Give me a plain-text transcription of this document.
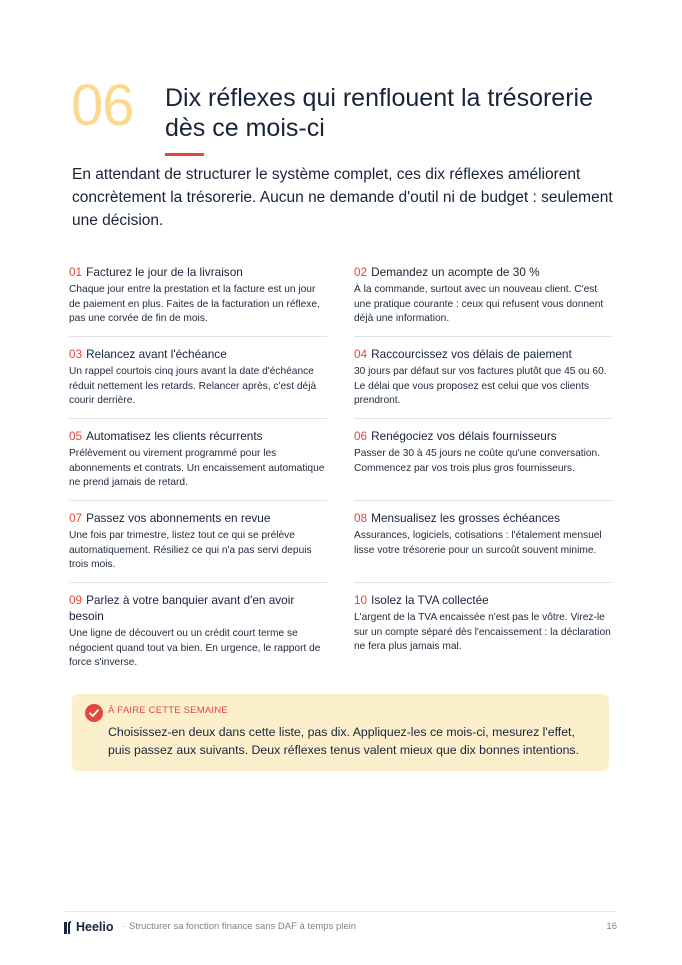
06 Dix réflexes qui renflouent la trésorerie dès ce mois-ci

En attendant de structurer le système complet, ces dix réflexes améliorent concrètement la trésorerie. Aucun ne demande d'outil ni de budget : seulement une décision.

01 Facturez le jour de la livraison
Chaque jour entre la prestation et la facture est un jour de paiement en plus. Faites de la facturation un réflexe, pas une corvée de fin de mois.
02 Demandez un acompte de 30 %
À la commande, surtout avec un nouveau client. C'est une pratique courante : ceux qui refusent vous donnent déjà une information.
03 Relancez avant l'échéance
Un rappel courtois cinq jours avant la date d'échéance réduit nettement les retards. Relancer après, c'est déjà courir derrière.
04 Raccourcissez vos délais de paiement
30 jours par défaut sur vos factures plutôt que 45 ou 60. Le délai que vous proposez est celui que vos clients prendront.
05 Automatisez les clients récurrents
Prélèvement ou virement programmé pour les abonnements et contrats. Un encaissement automatique ne prend jamais de retard.
06 Renégociez vos délais fournisseurs
Passer de 30 à 45 jours ne coûte qu'une conversation. Commencez par vos trois plus gros fournisseurs.
07 Passez vos abonnements en revue
Une fois par trimestre, listez tout ce qui se prélève automatiquement. Résiliez ce qui n'a pas servi depuis trois mois.
08 Mensualisez les grosses échéances
Assurances, logiciels, cotisations : l'étalement mensuel lisse votre trésorerie pour un surcoût souvent minime.
09 Parlez à votre banquier avant d'en avoir besoin
Une ligne de découvert ou un crédit court terme se négocient quand tout va bien. En urgence, le rapport de force s'inverse.
10 Isolez la TVA collectée
L'argent de la TVA encaissée n'est pas le vôtre. Virez-le sur un compte séparé dès l'encaissement : la déclaration ne fera plus jamais mal.
À FAIRE CETTE SEMAINE
Choisissez-en deux dans cette liste, pas dix. Appliquez-les ce mois-ci, mesurez l'effet, puis passez aux suivants. Deux réflexes tenus valent mieux que dix bonnes intentions.
Heelio · Structurer sa fonction finance sans DAF à temps plein	16
